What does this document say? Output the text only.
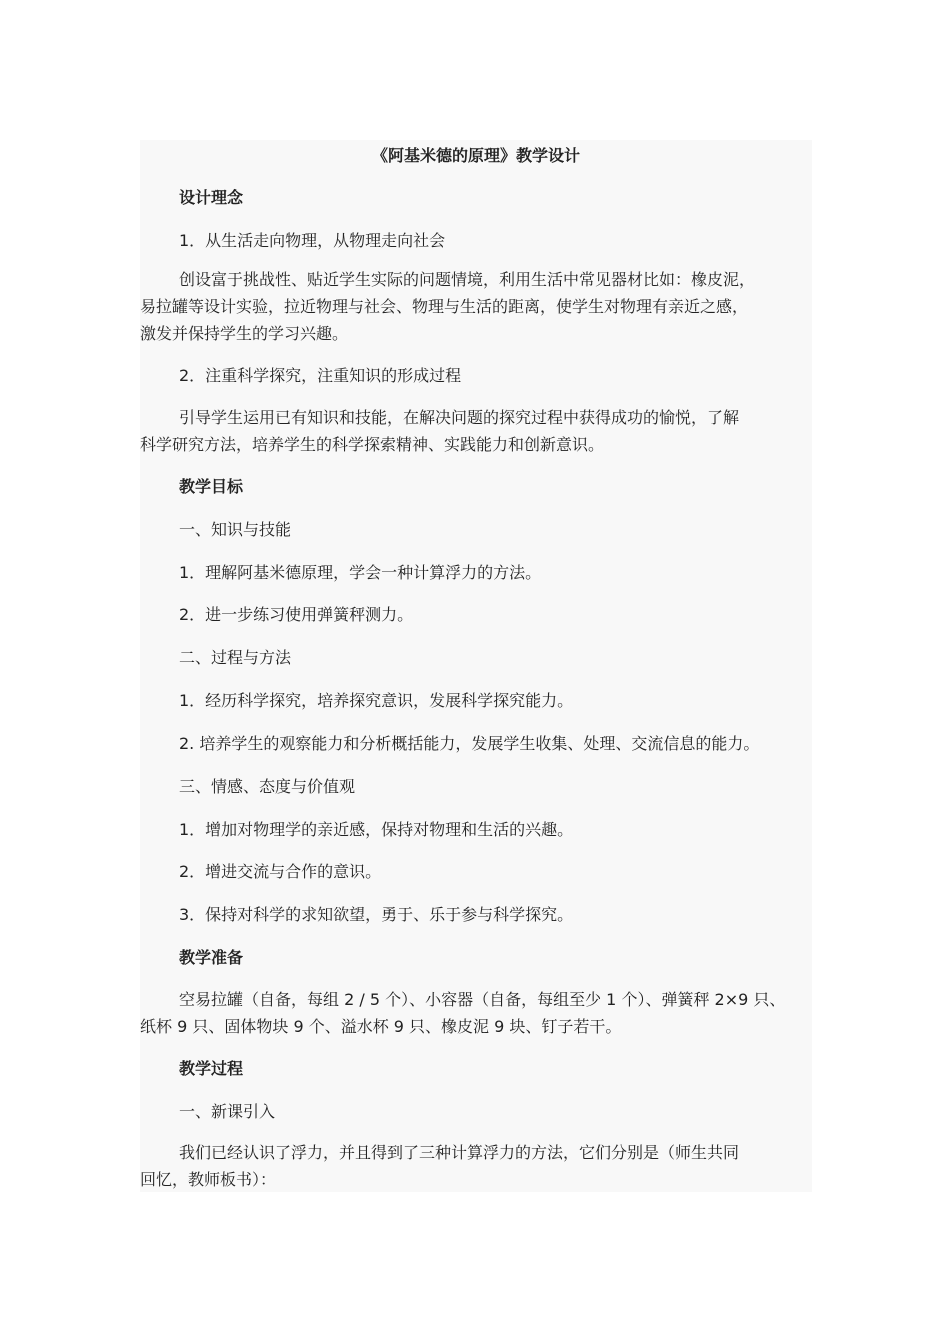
《阿基米德的原理》教学设计
设计理念
1．从生活走向物理，从物理走向社会
创设富于挑战性、贴近学生实际的问题情境，利用生活中常见器材比如：橡皮泥，
易拉罐等设计实验，拉近物理与社会、物理与生活的距离，使学生对物理有亲近之感，
激发并保持学生的学习兴趣。
2．注重科学探究，注重知识的形成过程
引导学生运用已有知识和技能，在解决问题的探究过程中获得成功的愉悦，了解
科学研究方法，培养学生的科学探索精神、实践能力和创新意识。
教学目标
一、知识与技能
1．理解阿基米德原理，学会一种计算浮力的方法。
2．进一步练习使用弹簧秤测力。
二、过程与方法
1．经历科学探究，培养探究意识，发展科学探究能力。
2. 培养学生的观察能力和分析概括能力，发展学生收集、处理、交流信息的能力。
三、情感、态度与价值观
1．增加对物理学的亲近感，保持对物理和生活的兴趣。
2．增进交流与合作的意识。
3．保持对科学的求知欲望，勇于、乐于参与科学探究。
教学准备
空易拉罐（自备，每组 2 / 5 个）、小容器（自备，每组至少 1 个）、弹簧秤 2×9 只、
纸杯 9 只、固体物块 9 个、溢水杯 9 只、橡皮泥 9 块、钉子若干。
教学过程
一、新课引入
我们已经认识了浮力，并且得到了三种计算浮力的方法，它们分别是（师生共同
回忆，教师板书）：
